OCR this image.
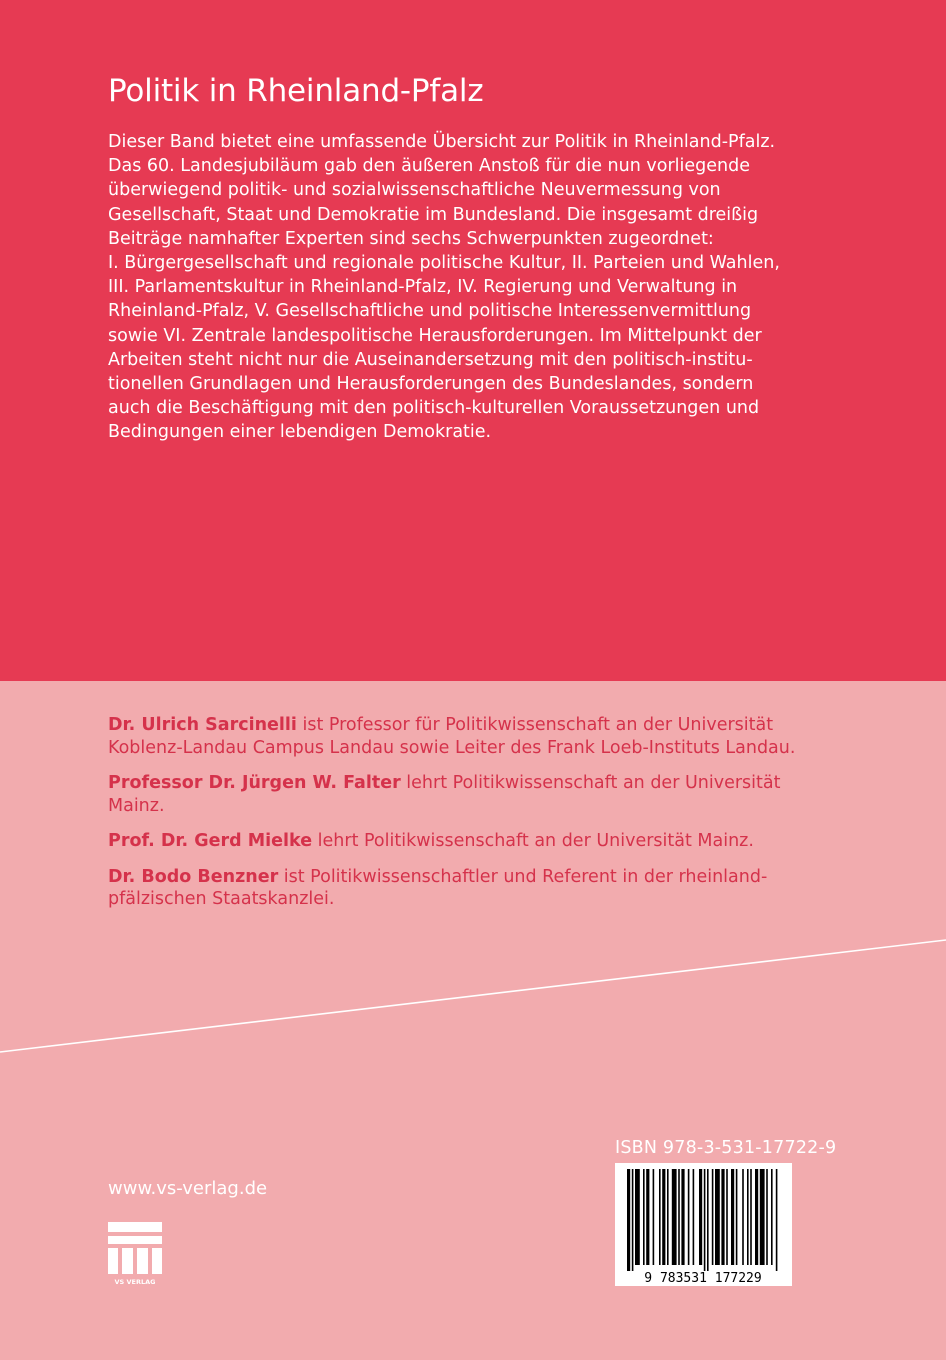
Politik in Rheinland-Pfalz

Dieser Band bietet eine umfassende Übersicht zur Politik in Rheinland-Pfalz.

Das 60. Landesjubiläum gab den äußeren Anstoß für die nun vorliegende

überwiegend politik- und sozialwissenschaftliche Neuvermessung von

Gesellschaft, Staat und Demokratie im Bundesland. Die insgesamt dreißig

Beiträge namhafter Experten sind sechs Schwerpunkten zugeordnet:

I. Bürgergesellschaft und regionale politische Kultur, II. Parteien und Wahlen,

III. Parlamentskultur in Rheinland-Pfalz, IV. Regierung und Verwaltung in

Rheinland-Pfalz, V. Gesellschaftliche und politische Interessenvermittlung

sowie VI. Zentrale landespolitische Herausforderungen. Im Mittelpunkt der

Arbeiten steht nicht nur die Auseinandersetzung mit den politisch-institu-

tionellen Grundlagen und Herausforderungen des Bundeslandes, sondern

auch die Beschäftigung mit den politisch-kulturellen Voraussetzungen und

Bedingungen einer lebendigen Demokratie.

Dr. Ulrich Sarcinelli ist Professor für Politikwissenschaft an der Universität
Koblenz-Landau Campus Landau sowie Leiter des Frank Loeb-Instituts Landau.
Professor Dr. Jürgen W. Falter lehrt Politikwissenschaft an der Universität
Mainz.
Prof. Dr. Gerd Mielke lehrt Politikwissenschaft an der Universität Mainz.
Dr. Bodo Benzner ist Politikwissenschaftler und Referent in der rheinland-
pfälzischen Staatskanzlei.
www.vs-verlag.de
VS VERLAG
ISBN 978-3-531-17722-9
9 783531 177229
